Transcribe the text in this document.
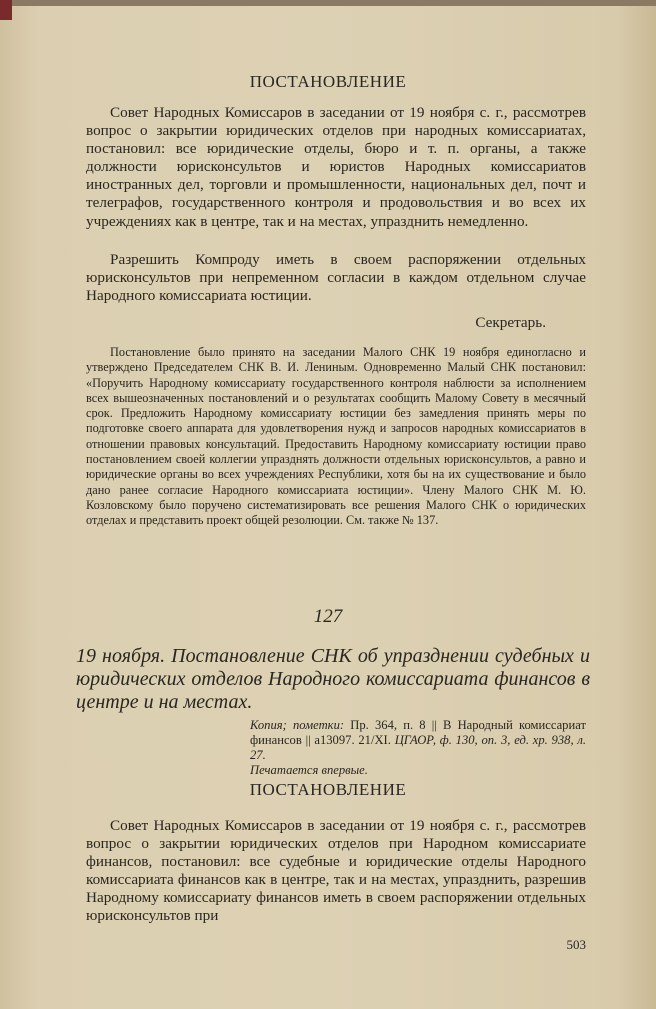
ПОСТАНОВЛЕНИЕ

Совет Народных Комиссаров в заседании от 19 ноября с. г., рассмотрев вопрос о закрытии юридических отделов при народных комиссариатах, постановил: все юридические отделы, бюро и т. п. органы, а также должности юрисконсультов и юристов Народных комиссариатов иностранных дел, торговли и промышленности, национальных дел, почт и телеграфов, государственного контроля и продовольствия и во всех их учреждениях как в центре, так и на местах, упразднить немедленно.

Разрешить Компроду иметь в своем распоряжении отдельных юрисконсультов при непременном согласии в каждом отдельном случае Народного комиссариата юстиции.

Секретарь.
Постановление было принято на заседании Малого СНК 19 ноября единогласно и утверждено Председателем СНК В. И. Лениным. Одновременно Малый СНК постановил: «Поручить Народному комиссариату государственного контроля наблюсти за исполнением всех вышеозначенных постановлений и о результатах сообщить Малому Совету в месячный срок. Предложить Народному комиссариату юстиции без замедления принять меры по подготовке своего аппарата для удовлетворения нужд и запросов народных комиссариатов в отношении правовых консультаций. Предоставить Народному комиссариату юстиции право постановлением своей коллегии упразднять должности отдельных юрисконсультов, а равно и юридические органы во всех учреждениях Республики, хотя бы на их существование и было дано ранее согласие Народного комиссариата юстиции». Члену Малого СНК М. Ю. Козловскому было поручено систематизировать все решения Малого СНК о юридических отделах и представить проект общей резолюции. См. также № 137.
127
19 ноября. Постановление СНК об упразднении судебных и юридических отделов Народного комиссариата финансов в центре и на местах.
Копия; пометки: Пр. 364, п. 8 || В Народный комиссариат финансов || а13097. 21/XI. ЦГАОР, ф. 130, оп. 3, ед. хр. 938, л. 27.
Печатается впервые.
ПОСТАНОВЛЕНИЕ

Совет Народных Комиссаров в заседании от 19 ноября с. г., рассмотрев вопрос о закрытии юридических отделов при Народном комиссариате финансов, постановил: все судебные и юридические отделы Народного комиссариата финансов как в центре, так и на местах, упразднить, разрешив Народному комиссариату финансов иметь в своем распоряжении отдельных юрисконсультов при

503
